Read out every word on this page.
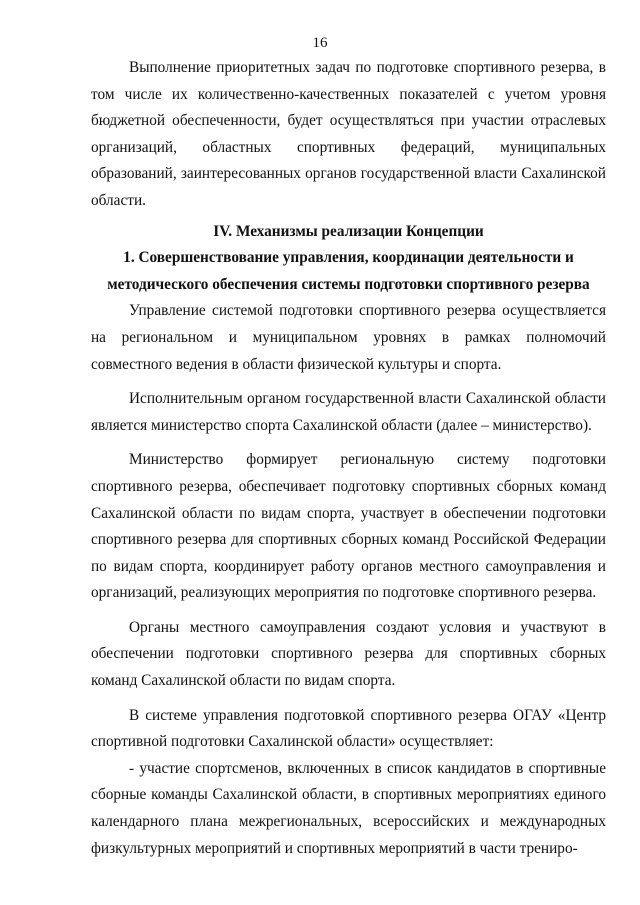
16

Выполнение приоритетных задач по подготовке спортивного резерва, в том числе их количественно-качественных показателей с учетом уровня бюджетной обеспеченности, будет осуществляться при участии отраслевых организаций, областных спортивных федераций, муниципальных образований, заинтересованных органов государственной власти Сахалинской области.

IV. Механизмы реализации Концепции
1. Совершенствование управления, координации деятельности и методического обеспечения системы подготовки спортивного резерва

Управление системой подготовки спортивного резерва осуществляется на региональном и муниципальном уровнях в рамках полномочий совместного ведения в области физической культуры и спорта.

Исполнительным органом государственной власти Сахалинской области является министерство спорта Сахалинской области (далее – министерство).

Министерство формирует региональную систему подготовки спортивного резерва, обеспечивает подготовку спортивных сборных команд Сахалинской области по видам спорта, участвует в обеспечении подготовки спортивного резерва для спортивных сборных команд Российской Федерации по видам спорта, координирует работу органов местного самоуправления и организаций, реализующих мероприятия по подготовке спортивного резерва.

Органы местного самоуправления создают условия и участвуют в обеспечении подготовки спортивного резерва для спортивных сборных команд Сахалинской области по видам спорта.

В системе управления подготовкой спортивного резерва ОГАУ «Центр спортивной подготовки Сахалинской области» осуществляет:

- участие спортсменов, включенных в список кандидатов в спортивные сборные команды Сахалинской области, в спортивных мероприятиях единого календарного плана межрегиональных, всероссийских и международных физкультурных мероприятий и спортивных мероприятий в части трениро-
